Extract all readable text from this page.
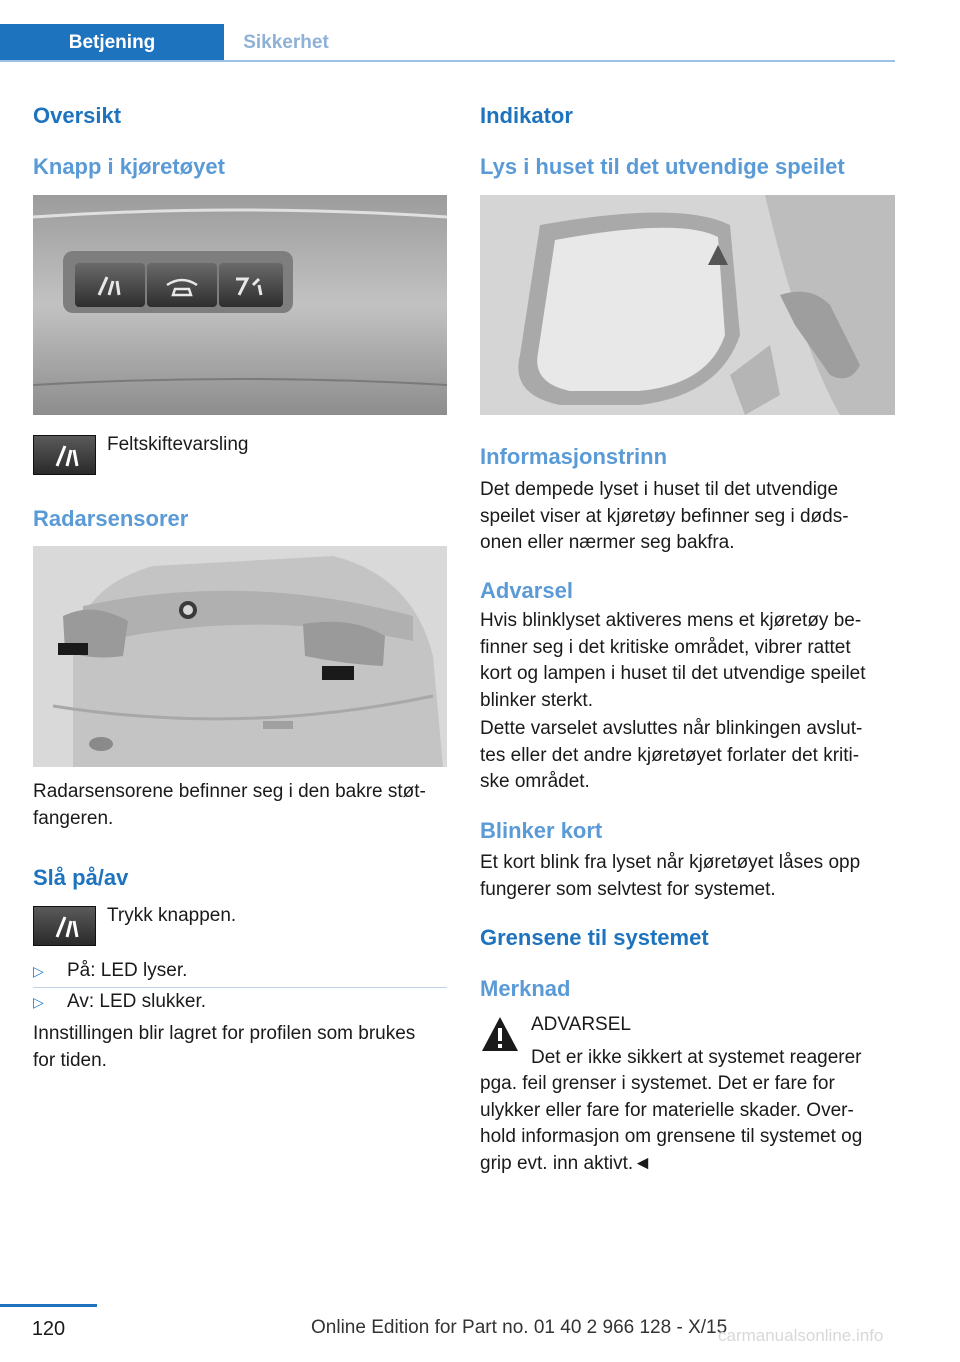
Betjening	Sikkerhet
Oversikt
Knapp i kjøretøyet
Feltskiftevarsling
Radarsensorer
Radarsensorene befinner seg i den bakre støt-
fangeren.
Slå på/av
Trykk knappen.
▷ På: LED lyser.
▷ Av: LED slukker.
Innstillingen blir lagret for profilen som brukes
for tiden.
Indikator
Lys i huset til det utvendige speilet
Informasjonstrinn
Det dempede lyset i huset til det utvendige
speilet viser at kjøretøy befinner seg i døds-
onen eller nærmer seg bakfra.
Advarsel
Hvis blinklyset aktiveres mens et kjøretøy be-
finner seg i det kritiske området, vibrer rattet
kort og lampen i huset til det utvendige speilet
blinker sterkt.
Dette varselet avsluttes når blinkingen avslut-
tes eller det andre kjøretøyet forlater det kriti-
ske området.
Blinker kort
Et kort blink fra lyset når kjøretøyet låses opp
fungerer som selvtest for systemet.
Grensene til systemet
Merknad
ADVARSEL
Det er ikke sikkert at systemet reagerer
pga. feil grenser i systemet. Det er fare for
ulykker eller fare for materielle skader. Over-
hold informasjon om grensene til systemet og
grip evt. inn aktivt.◄
120	Online Edition for Part no. 01 40 2 966 128 - X/15
carmanualsonline.info
